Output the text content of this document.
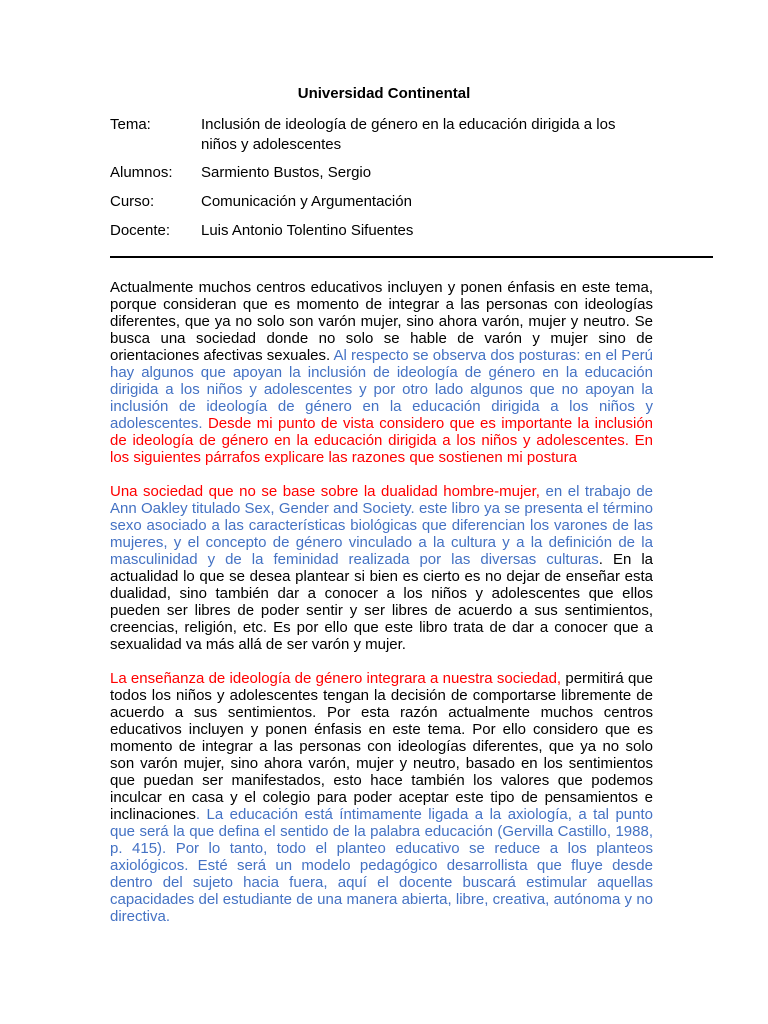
Universidad Continental
Tema:	Inclusión de ideología de género en la educación dirigida a los niños y adolescentes
Alumnos:	Sarmiento Bustos, Sergio
Curso:	Comunicación y Argumentación
Docente:	Luis Antonio Tolentino Sifuentes

Actualmente muchos centros educativos incluyen y ponen énfasis en este tema, porque consideran que es momento de integrar a las personas con ideologías diferentes, que ya no solo son varón mujer, sino ahora varón, mujer y neutro. Se busca una sociedad donde no solo se hable de varón y mujer sino de orientaciones afectivas sexuales. Al respecto se observa dos posturas: en el Perú hay algunos que apoyan la inclusión de ideología de género en la educación dirigida a los niños y adolescentes y por otro lado algunos que no apoyan la inclusión de ideología de género en la educación dirigida a los niños y adolescentes. Desde mi punto de vista considero que es importante la inclusión de ideología de género en la educación dirigida a los niños y adolescentes. En los siguientes párrafos explicare las razones que sostienen mi postura

Una sociedad que no se base sobre la dualidad hombre-mujer, en el trabajo de Ann Oakley titulado Sex, Gender and Society. este libro ya se presenta el término sexo asociado a las características biológicas que diferencian los varones de las mujeres, y el concepto de género vinculado a la cultura y a la definición de la masculinidad y de la feminidad realizada por las diversas culturas. En la actualidad lo que se desea plantear si bien es cierto es no dejar de enseñar esta dualidad, sino también dar a conocer a los niños y adolescentes que ellos pueden ser libres de poder sentir y ser libres de acuerdo a sus sentimientos, creencias, religión, etc. Es por ello que este libro trata de dar a conocer que a sexualidad va más allá de ser varón y mujer.

La enseñanza de ideología de género integrara a nuestra sociedad, permitirá que todos los niños y adolescentes tengan la decisión de comportarse libremente de acuerdo a sus sentimientos. Por esta razón actualmente muchos centros educativos incluyen y ponen énfasis en este tema. Por ello considero que es momento de integrar a las personas con ideologías diferentes, que ya no solo son varón mujer, sino ahora varón, mujer y neutro, basado en los sentimientos que puedan ser manifestados, esto hace también los valores que podemos inculcar en casa y el colegio para poder aceptar este tipo de pensamientos e inclinaciones. La educación está íntimamente ligada a la axiología, a tal punto que será la que defina el sentido de la palabra educación (Gervilla Castillo, 1988, p. 415). Por lo tanto, todo el planteo educativo se reduce a los planteos axiológicos. Esté será un modelo pedagógico desarrollista que fluye desde dentro del sujeto hacia fuera, aquí el docente buscará estimular aquellas capacidades del estudiante de una manera abierta, libre, creativa, autónoma y no directiva.
